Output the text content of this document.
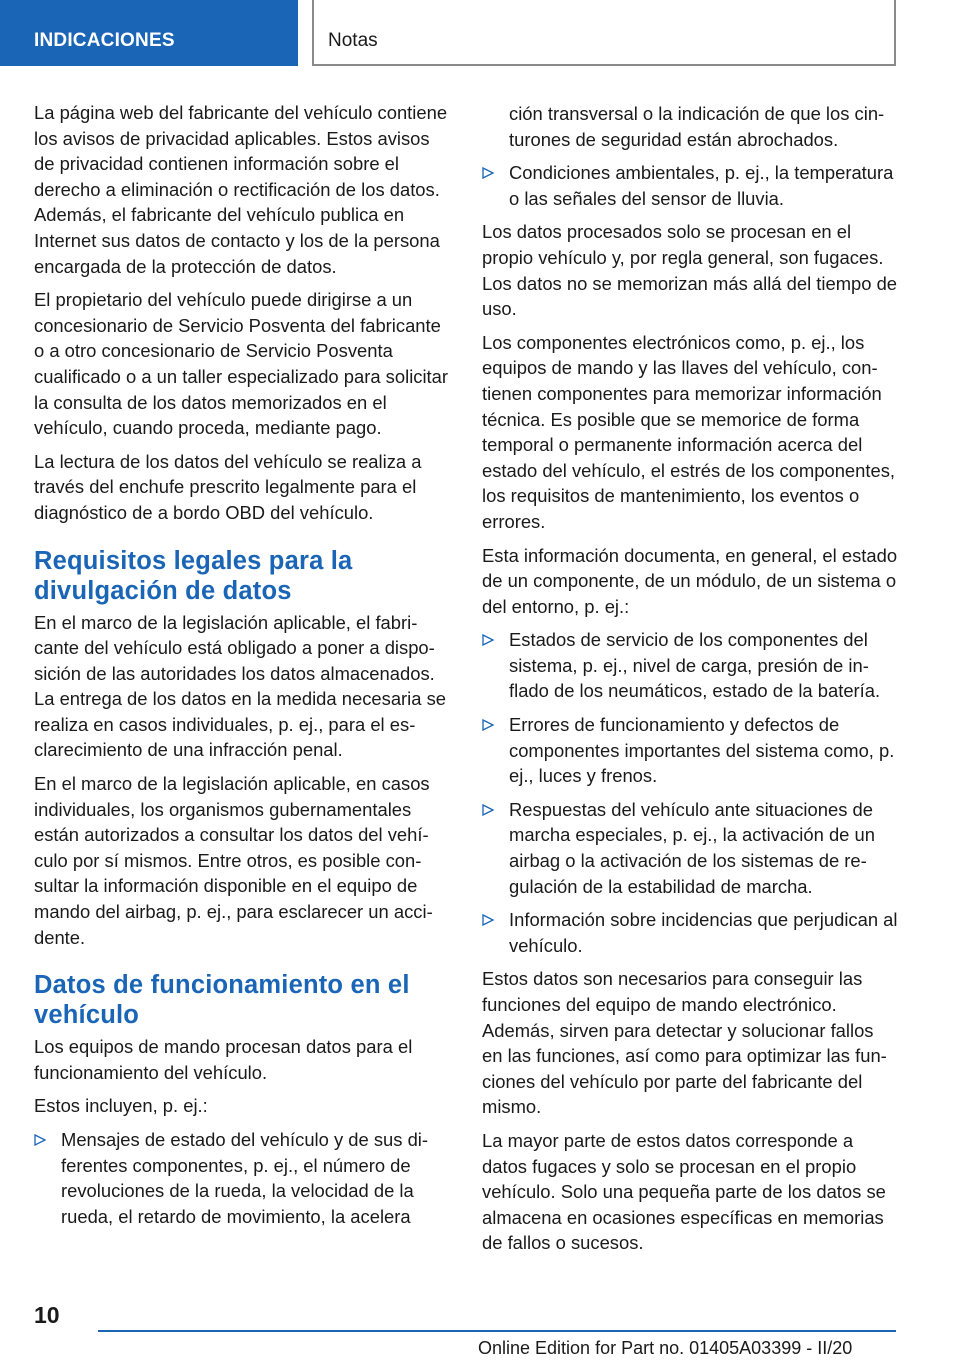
INDICACIONES	Notas

La página web del fabricante del vehículo contiene los avisos de privacidad aplicables. Estos avisos de privacidad contienen información sobre el derecho a eliminación o rectificación de los datos. Además, el fabricante del vehículo publica en Internet sus datos de contacto y los de la persona encargada de la protección de datos.

El propietario del vehículo puede dirigirse a un concesionario de Servicio Posventa del fabricante o a otro concesionario de Servicio Posventa cualificado o a un taller especializado para solicitar la consulta de los datos memorizados en el vehículo, cuando proceda, mediante pago.

La lectura de los datos del vehículo se realiza a través del enchufe prescrito legalmente para el diagnóstico de a bordo OBD del vehículo.

Requisitos legales para la divulgación de datos

En el marco de la legislación aplicable, el fabricante del vehículo está obligado a poner a disposición de las autoridades los datos almacenados. La entrega de los datos en la medida necesaria se realiza en casos individuales, p. ej., para el esclarecimiento de una infracción penal.

En el marco de la legislación aplicable, en casos individuales, los organismos gubernamentales están autorizados a consultar los datos del vehículo por sí mismos. Entre otros, es posible consultar la información disponible en el equipo de mando del airbag, p. ej., para esclarecer un accidente.

Datos de funcionamiento en el vehículo

Los equipos de mando procesan datos para el funcionamiento del vehículo.

Estos incluyen, p. ej.:

Mensajes de estado del vehículo y de sus diferentes componentes, p. ej., el número de revoluciones de la rueda, la velocidad de la rueda, el retardo de movimiento, la acelera
ción transversal o la indicación de que los cinturones de seguridad están abrochados.
Condiciones ambientales, p. ej., la temperatura o las señales del sensor de lluvia.

Los datos procesados solo se procesan en el propio vehículo y, por regla general, son fugaces. Los datos no se memorizan más allá del tiempo de uso.

Los componentes electrónicos como, p. ej., los equipos de mando y las llaves del vehículo, contienen componentes para memorizar información técnica. Es posible que se memorice de forma temporal o permanente información acerca del estado del vehículo, el estrés de los componentes, los requisitos de mantenimiento, los eventos o errores.

Esta información documenta, en general, el estado de un componente, de un módulo, de un sistema o del entorno, p. ej.:

Estados de servicio de los componentes del sistema, p. ej., nivel de carga, presión de inflado de los neumáticos, estado de la batería.
Errores de funcionamiento y defectos de componentes importantes del sistema como, p. ej., luces y frenos.
Respuestas del vehículo ante situaciones de marcha especiales, p. ej., la activación de un airbag o la activación de los sistemas de regulación de la estabilidad de marcha.
Información sobre incidencias que perjudican al vehículo.

Estos datos son necesarios para conseguir las funciones del equipo de mando electrónico. Además, sirven para detectar y solucionar fallos en las funciones, así como para optimizar las funciones del vehículo por parte del fabricante del mismo.

La mayor parte de estos datos corresponde a datos fugaces y solo se procesan en el propio vehículo. Solo una pequeña parte de los datos se almacena en ocasiones específicas en memorias de fallos o sucesos.

10
Online Edition for Part no. 01405A03399 - II/20
